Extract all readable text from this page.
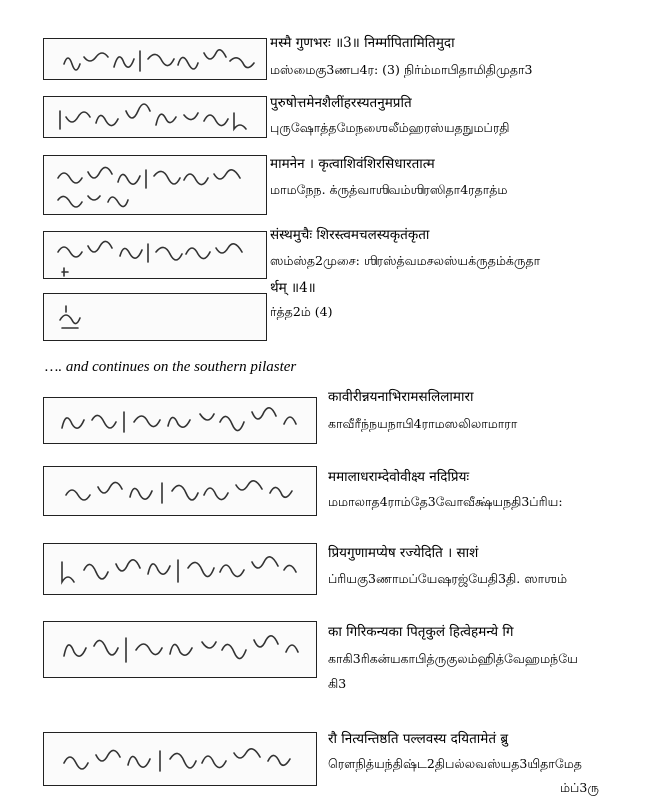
मस्मै गुणभरः ॥3॥ निर्म्मापितामितिमुदा
மஸ்மைகு3ணப4ர: (3) நிர்ம்மாபிதாமிதிமுதா3
पुरुषोत्तमेनशैलींहरस्यतनुमप्रति
புருஷோத்தமேநஶைலீம்ஹரஸ்யதநுமப்ரதி
मामनेन । कृत्वाशिवंशिरसिधारतात्म
மாமநேந. க்ருத்வாஶிவம்ஶிரஸிதா4ரதாத்ம
संस्थमुचैः शिरस्त्वमचलस्यकृतंकृता
ஸம்ஸ்த2முசை: ஶிரஸ்த்வமசலஸ்யக்ருதம்க்ருதா
र्थम् ॥4॥
ர்த்த2ம் (4)
…. and continues on the southern pilaster
कावीरीन्नयनाभिरामसलिलामारा
காவீரீந்நயநாபி4ராமஸலிலாமாரா
ममालाधराम्देवोवीक्ष्य नदिप्रियः
மமாலாத4ராம்தே3வோவீக்ஷ்யநதி3ப்ரிய:
प्रियगुणामप्येष रज्येदिति । साशं
ப்ரியகு3ணாமப்யேஷரஜ்யேதி3தி. ஸாஶம்
का गिरिकन्यका पितृकुलं हित्वेहमन्ये गि
காகி3ரிகன்யகாபித்ருகுலம்ஹித்வேஹமந்யே
கி3
रौ नित्यन्तिष्ठति पल्लवस्य दयितामेतं ब्रु
ரௌநித்யந்திஷ்ட2திபல்லவஸ்யத3யிதாமேத
ம்ப்3ரு
